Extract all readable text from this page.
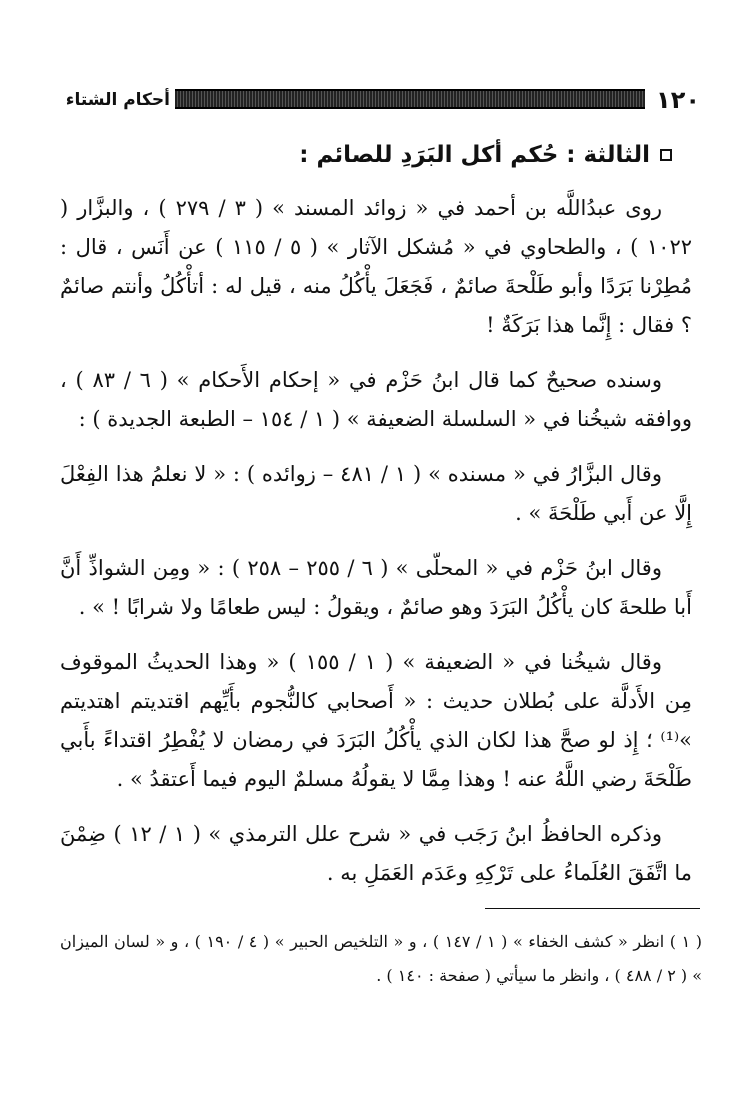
١٢٠
أحكام الشتاء
الثالثة : حُكم أكل البَرَدِ للصائم :

روى عبدُاللَّه بن أحمد في « زوائد المسند » ( ٣ / ٢٧٩ ) ، والبزَّار ( ١٠٢٢ ) ، والطحاوي في « مُشكل الآثار » ( ٥ / ١١٥ ) عن أَنَس ، قال : مُطِرْنا بَرَدًا وأبو طَلْحةَ صائمٌ ، فَجَعَلَ يأْكُلُ منه ، قيل له : أتأْكُلُ وأنتم صائمٌ ؟ فقال : إِنَّما هذا بَرَكَةٌ !

وسنده صحيحٌ كما قال ابنُ حَزْم في « إحكام الأَحكام » ( ٦ / ٨٣ ) ، ووافقه شيخُنا في « السلسلة الضعيفة » ( ١ / ١٥٤ – الطبعة الجديدة ) :

وقال البزَّارُ في « مسنده » ( ١ / ٤٨١ – زوائده ) : « لا نعلمُ هذا الفِعْلَ إِلَّا عن أَبي طَلْحَةَ » .

وقال ابنُ حَزْم في « المحلّى » ( ٦ / ٢٥٥ – ٢٥٨ ) : « ومِن الشواذِّ أَنَّ أَبا طلحةَ كان يأْكُلُ البَرَدَ وهو صائمٌ ، ويقولُ : ليس طعامًا ولا شرابًا ! » .

وقال شيخُنا في « الضعيفة » ( ١ / ١٥٥ ) « وهذا الحديثُ الموقوف مِن الأَدلَّة على بُطلان حديث : « أَصحابي كالنُّجوم بأَيِّهم اقتديتم اهتديتم »⁽¹⁾ ؛ إِذ لو صحَّ هذا لكان الذي يأْكُلُ البَرَدَ في رمضان لا يُفْطِرُ اقتداءً بأَبي طَلْحَةَ رضي اللَّهُ عنه ! وهذا مِمَّا لا يقولُهُ مسلمٌ اليوم فيما أَعتقدُ » .

وذكره الحافظُ ابنُ رَجَب في « شرح علل الترمذي » ( ١ / ١٢ ) ضِمْنَ ما اتَّفَقَ العُلَماءُ على تَرْكِهِ وعَدَم العَمَلِ به .

( ١ ) انظر « كشف الخفاء » ( ١ / ١٤٧ ) ، و « التلخيص الحبير » ( ٤ / ١٩٠ ) ، و « لسان الميزان » ( ٢ / ٤٨٨ ) ، وانظر ما سيأتي ( صفحة : ١٤٠ ) .
